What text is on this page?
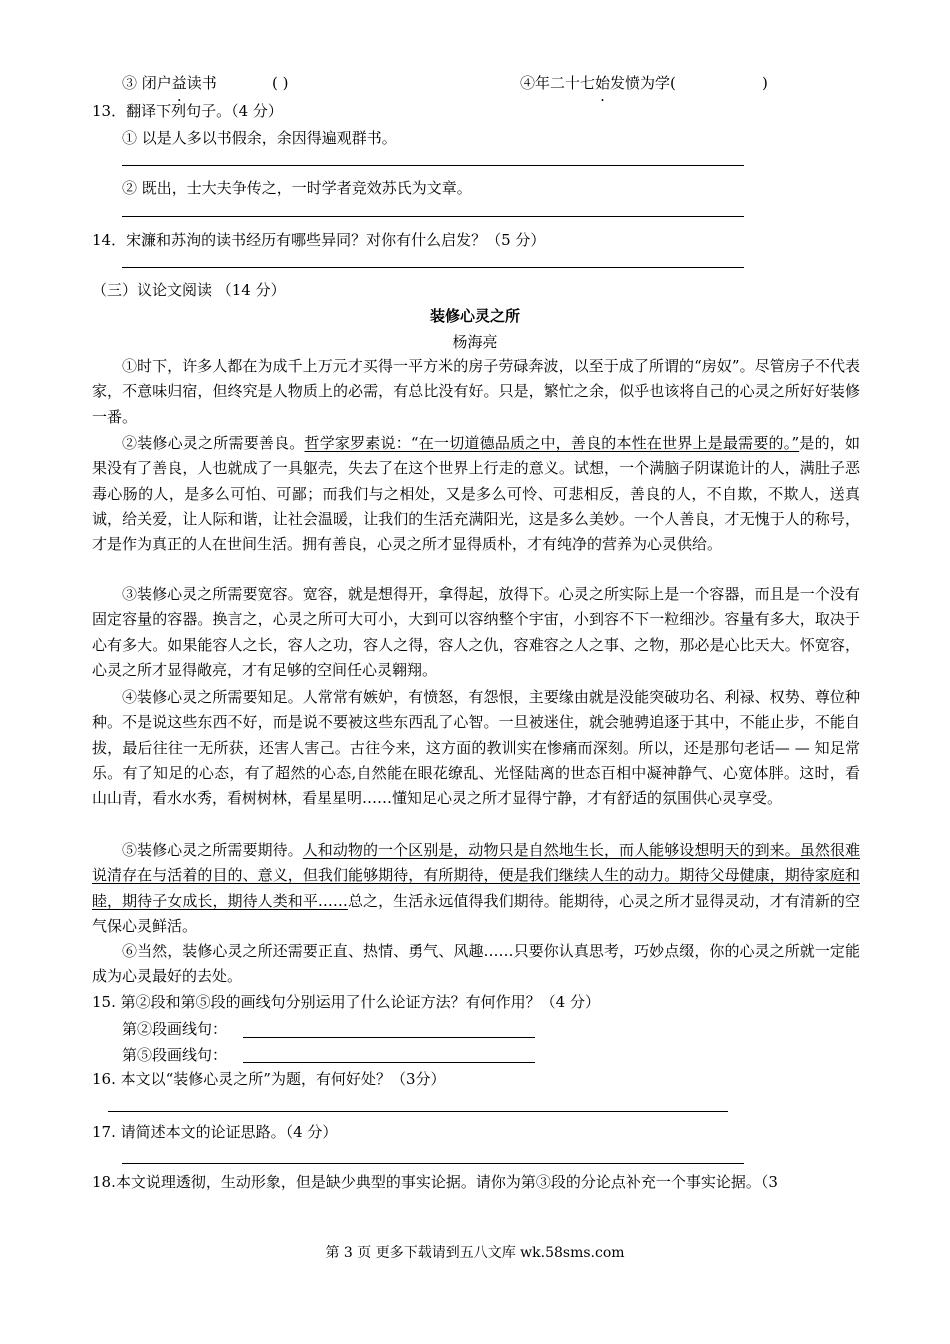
③ 闭户益读书	( )	④年二十七始发愤为学(	)
13．翻译下列句子。（4 分）
① 以是人多以书假余，余因得遍观群书。
② 既出，士大夫争传之，一时学者竞效苏氏为文章。
14．宋濂和苏洵的读书经历有哪些异同？对你有什么启发？（5 分）
（三）议论文阅读 （14 分）
装修心灵之所
杨海亮

①时下，许多人都在为成千上万元才买得一平方米的房子劳碌奔波，以至于成了所谓的“房奴”。尽管房子不代表家，不意味归宿，但终究是人物质上的必需，有总比没有好。只是，繁忙之余，似乎也该将自己的心灵之所好好装修一番。

②装修心灵之所需要善良。哲学家罗素说：“在一切道德品质之中，善良的本性在世界上是最需要的。”是的，如果没有了善良，人也就成了一具躯壳，失去了在这个世界上行走的意义。试想，一个满脑子阴谋诡计的人，满肚子恶毒心肠的人，是多么可怕、可鄙；而我们与之相处，又是多么可怜、可悲相反，善良的人，不自欺，不欺人，送真诚，给关爱，让人际和谐，让社会温暖，让我们的生活充满阳光，这是多么美妙。一个人善良，才无愧于人的称号，才是作为真正的人在世间生活。拥有善良，心灵之所才显得质朴，才有纯净的营养为心灵供给。

③装修心灵之所需要宽容。宽容，就是想得开，拿得起，放得下。心灵之所实际上是一个容器，而且是一个没有固定容量的容器。换言之，心灵之所可大可小，大到可以容纳整个宇宙，小到容不下一粒细沙。容量有多大，取决于心有多大。如果能容人之长，容人之功，容人之得，容人之仇，容难容之人之事、之物，那必是心比天大。怀宽容，心灵之所才显得敞亮，才有足够的空间任心灵翱翔。

④装修心灵之所需要知足。人常常有嫉妒，有愤怒，有怨恨，主要缘由就是没能突破功名、利禄、权势、尊位种种。不是说这些东西不好，而是说不要被这些东西乱了心智。一旦被迷住，就会驰骋追逐于其中，不能止步，不能自拔，最后往往一无所获，还害人害己。古往今来，这方面的教训实在惨痛而深刻。所以，还是那句老话— — 知足常乐。有了知足的心态，有了超然的心态,自然能在眼花缭乱、光怪陆离的世态百相中凝神静气、心宽体胖。这时，看山山青，看水水秀，看树树林，看星星明……懂知足心灵之所才显得宁静，才有舒适的氛围供心灵享受。

⑤装修心灵之所需要期待。人和动物的一个区别是，动物只是自然地生长，而人能够设想明天的到来。虽然很难说清存在与活着的目的、意义，但我们能够期待，有所期待，便是我们继续人生的动力。期待父母健康，期待家庭和睦，期待子女成长，期待人类和平……总之，生活永远值得我们期待。能期待，心灵之所才显得灵动，才有清新的空气保心灵鲜活。

⑥当然，装修心灵之所还需要正直、热情、勇气、风趣……只要你认真思考，巧妙点缀，你的心灵之所就一定能成为心灵最好的去处。

15. 第②段和第⑤段的画线句分别运用了什么论证方法？有何作用？（4 分）
第②段画线句：
第⑤段画线句：
16. 本文以“装修心灵之所”为题，有何好处？（3分）
17. 请简述本文的论证思路。（4 分）
18.本文说理透彻，生动形象，但是缺少典型的事实论据。请你为第③段的分论点补充一个事实论据。（3
第 3 页 更多下载请到五八文库 wk.58sms.com
